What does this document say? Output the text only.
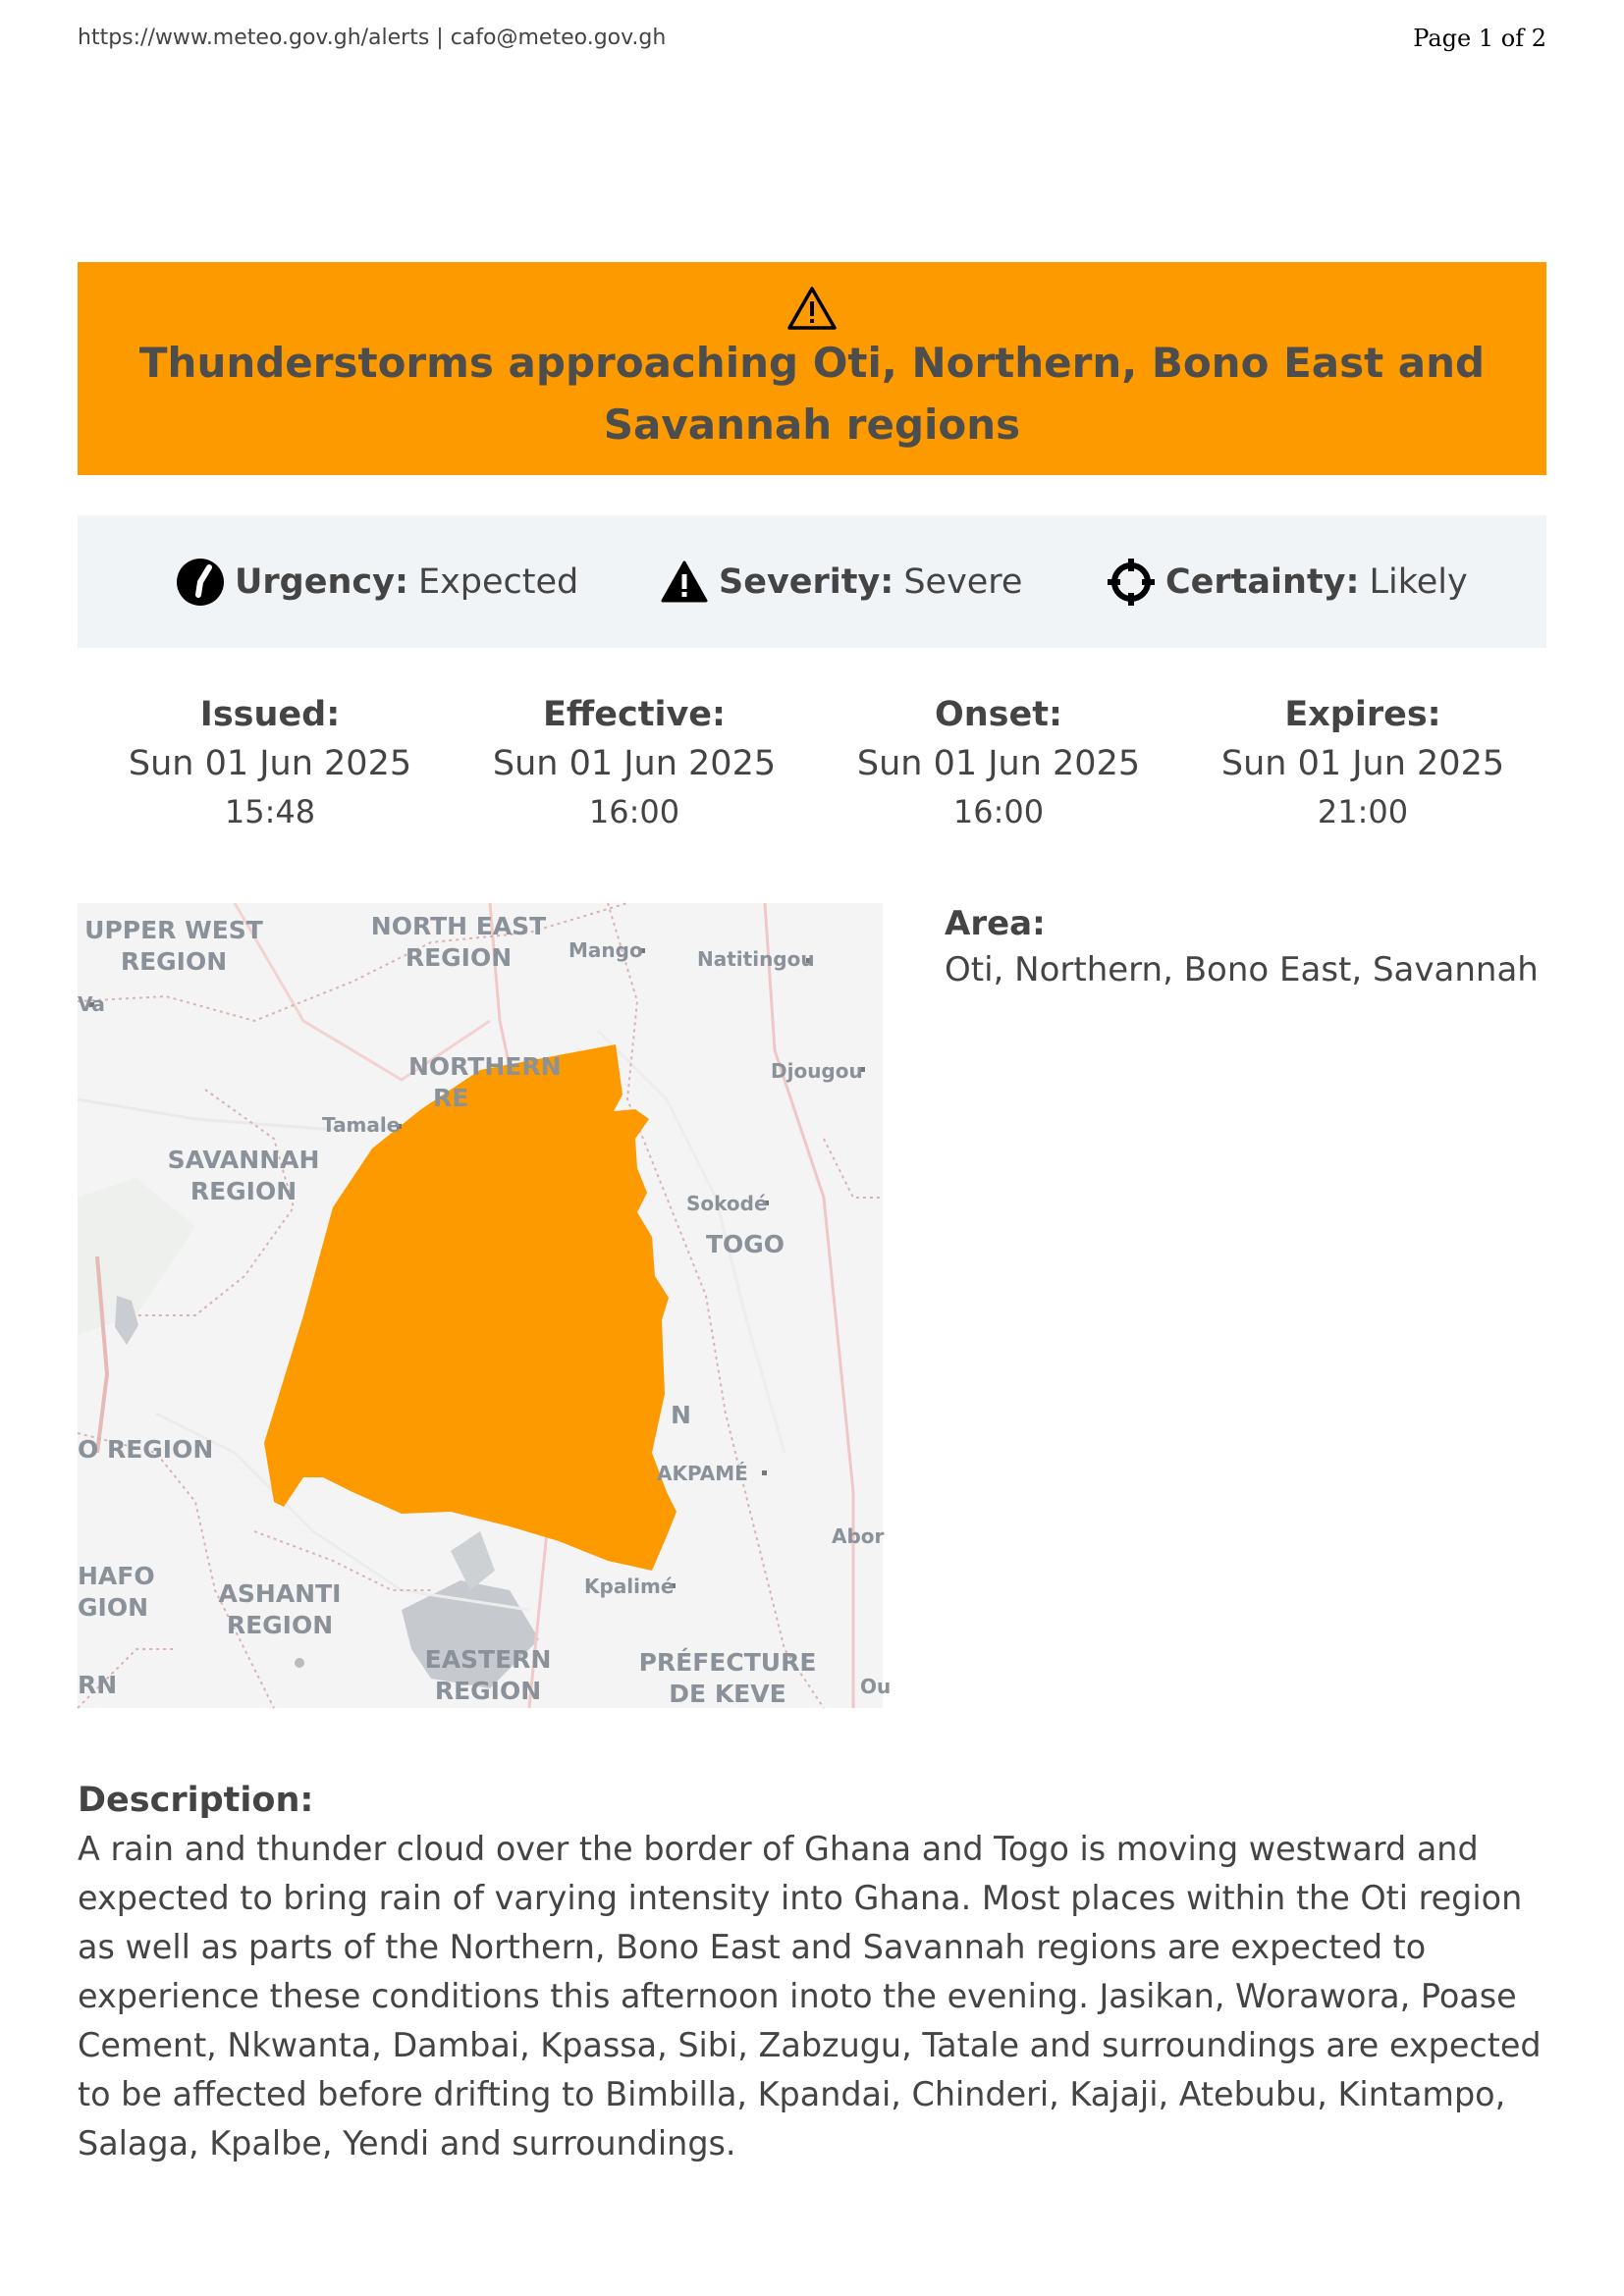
https://www.meteo.gov.gh/alerts | cafo@meteo.gov.gh	Page 1 of 2
Thunderstorms approaching Oti, Northern, Bono East and Savannah regions
Urgency: Expected	Severity: Severe	Certainty: Likely
Issued:
Sun 01 Jun 2025
15:48
Effective:
Sun 01 Jun 2025
16:00
Onset:
Sun 01 Jun 2025
16:00
Expires:
Sun 01 Jun 2025
21:00
UPPER WEST
REGION
NORTH EAST
REGION
NORTHERN
RE
SAVANNAH
REGION
TOGO
N
O REGION
HAFO
GION	ASHANTI
REGION
RN
EASTERN
REGION
PRÉFECTURE
DE KEVE
Mango	Natitingou
Va
Djougou
Tamale
Sokodé
AKPAMÉ
Abor
Kpalimé
Ou
Area:
Oti, Northern, Bono East, Savannah
Description:
A rain and thunder cloud over the border of Ghana and Togo is moving westward and expected to bring rain of varying intensity into Ghana. Most places within the Oti region as well as parts of the Northern, Bono East and Savannah regions are expected to experience these conditions this afternoon inoto the evening. Jasikan, Worawora, Poase Cement, Nkwanta, Dambai, Kpassa, Sibi, Zabzugu, Tatale and surroundings are expected to be affected before drifting to Bimbilla, Kpandai, Chinderi, Kajaji, Atebubu, Kintampo, Salaga, Kpalbe, Yendi and surroundings.
